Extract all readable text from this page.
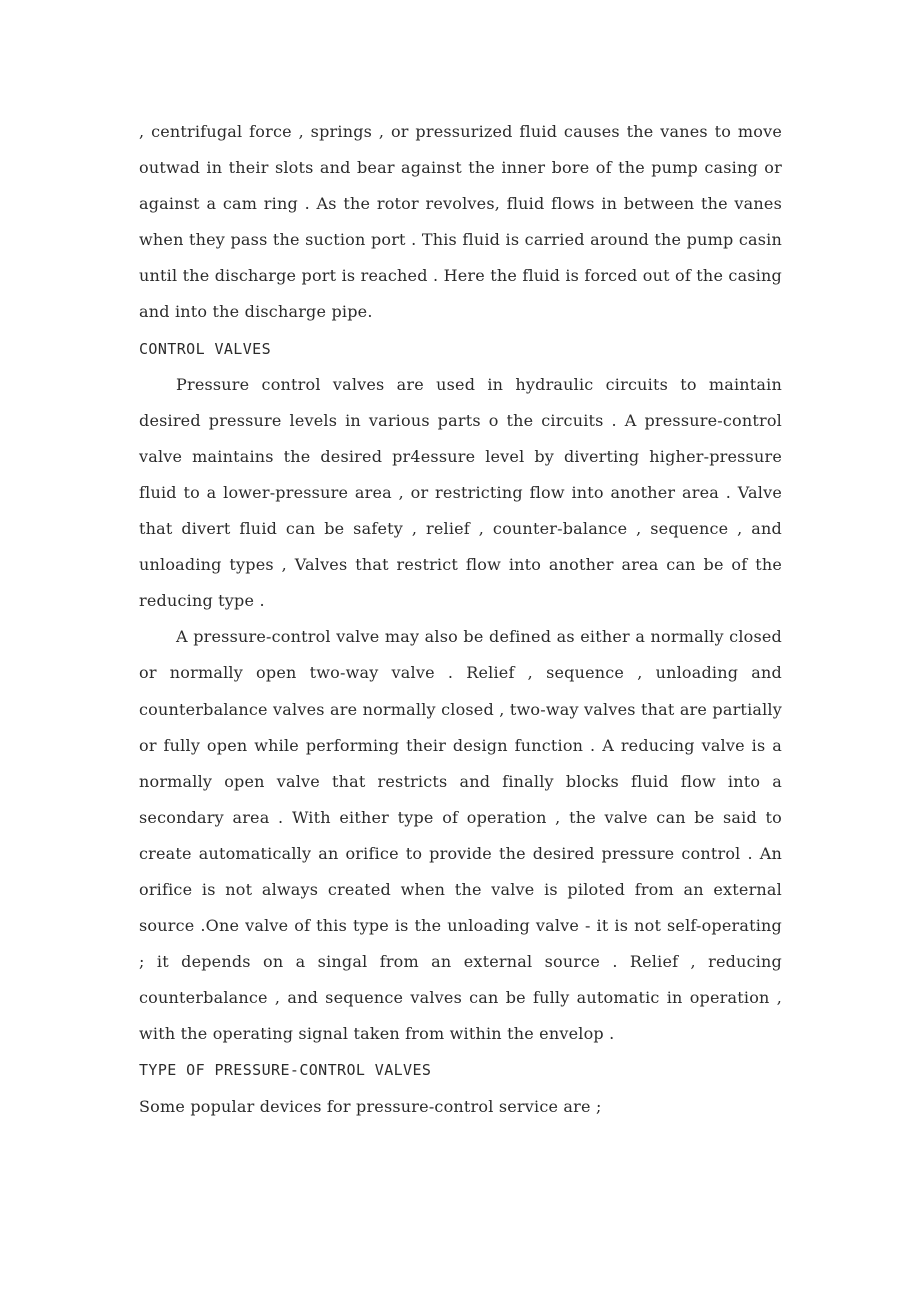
, centrifugal force , springs , or pressurized fluid causes the vanes to move outwad in their slots and bear against the inner bore of the pump casing or against a cam ring . As the rotor revolves, fluid flows in between the vanes when they pass the suction port . This fluid is carried around the pump casin until the discharge port is reached . Here the fluid is forced out of the casing and into the discharge pipe.

CONTROL VALVES

Pressure control valves are used in hydraulic circuits to maintain desired pressure levels in various parts o the circuits . A pressure-control valve maintains the desired pr4essure level by diverting higher-pressure fluid to a lower-pressure area , or restricting flow into another area . Valve that divert fluid can be safety , relief , counter-balance , sequence , and unloading types , Valves that restrict flow into another area can be of the reducing type .

A pressure-control valve may also be defined as either a normally closed or normally open two-way valve . Relief , sequence , unloading and counterbalance valves are normally closed , two-way valves that are partially or fully open while performing their design function . A reducing valve is a normally open valve that restricts and finally blocks fluid flow into a secondary area . With either type of operation , the valve can be said to create automatically an orifice to provide the desired pressure control . An orifice is not always created when the valve is piloted from an external source .One valve of this type is the unloading valve - it is not self-operating ; it depends on a singal from an external source . Relief , reducing counterbalance , and sequence valves can be fully automatic in operation , with the operating signal taken from within the envelop .

TYPE OF PRESSURE-CONTROL VALVES

Some popular devices for pressure-control service are ;
